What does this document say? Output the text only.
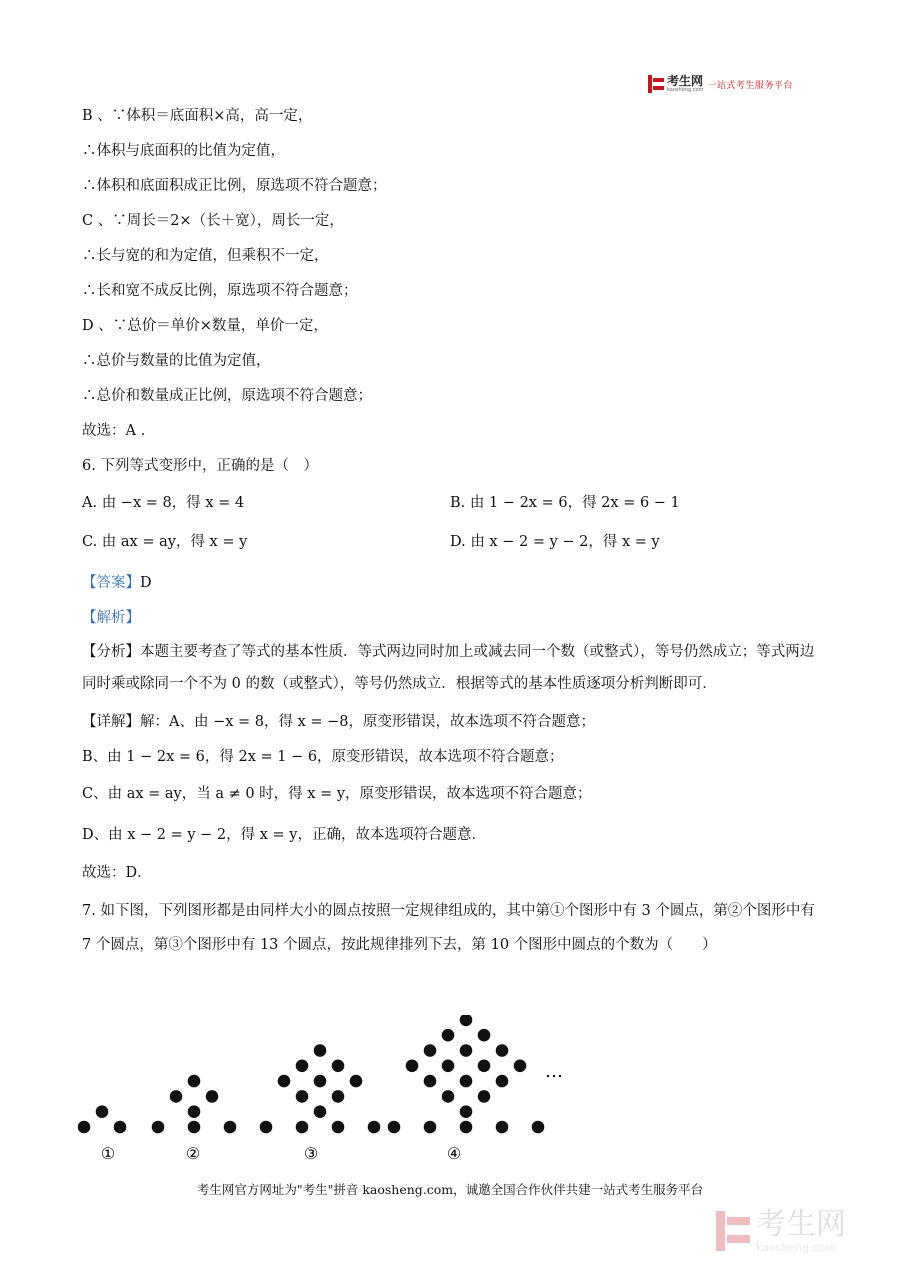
考生网
kaosheng.com 一站式考生服务平台
B 、∵体积＝底面积×高，高一定，
∴体积与底面积的比值为定值，
∴体积和底面积成正比例，原选项不符合题意；
C 、∵周长＝2×（长＋宽），周长一定，
∴长与宽的和为定值，但乘积不一定，
∴长和宽不成反比例，原选项不符合题意；
D 、∵总价＝单价×数量，单价一定，
∴总价与数量的比值为定值，
∴总价和数量成正比例，原选项不符合题意；
故选：A .
6. 下列等式变形中，正确的是（　）
A. 由 −x = 8，得 x = 4	B. 由 1 − 2x = 6，得 2x = 6 − 1
C. 由 ax = ay，得 x = y	D. 由 x − 2 = y − 2，得 x = y
【答案】D
【解析】
【分析】本题主要考查了等式的基本性质．等式两边同时加上或减去同一个数（或整式），等号仍然成立；等式两边同时乘或除同一个不为 0 的数（或整式），等号仍然成立．根据等式的基本性质逐项分析判断即可．
【详解】解：A、由 −x = 8，得 x = −8，原变形错误，故本选项不符合题意；
B、由 1 − 2x = 6，得 2x = 1 − 6，原变形错误，故本选项不符合题意；
C、由 ax = ay，当 a ≠ 0 时，得 x = y，原变形错误，故本选项不符合题意；
D、由 x − 2 = y − 2，得 x = y，正确，故本选项符合题意．
故选：D．
7. 如下图，下列图形都是由同样大小的圆点按照一定规律组成的，其中第①个图形中有 3 个圆点，第②个图形中有 7 个圆点，第③个图形中有 13 个圆点，按此规律排列下去，第 10 个图形中圆点的个数为（　　）
①	②	③	④
…
考生网官方网址为"考生"拼音 kaosheng.com，诚邀全国合作伙伴共建一站式考生服务平台
考生网
kaosheng.com
